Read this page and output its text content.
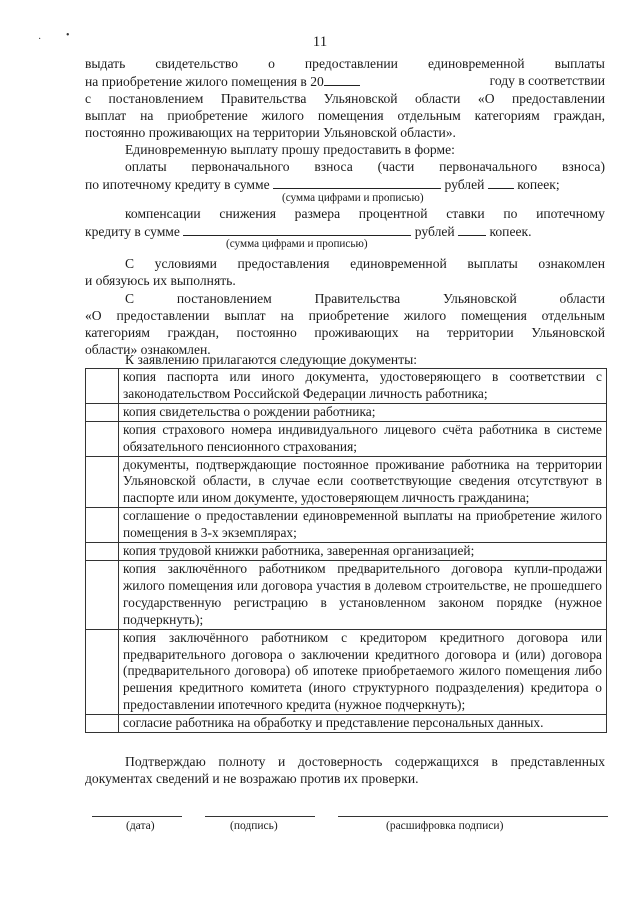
· •	11
выдать свидетельство о предоставлении единовременной выплаты
на приобретение жилого помещения в 20	году в соответствии
с постановлением Правительства Ульяновской области «О предоставлении
выплат на приобретение жилого помещения отдельным категориям граждан,
постоянно проживающих на территории Ульяновской области».
Единовременную выплату прошу предоставить в форме:
оплаты первоначального взноса (части первоначального взноса)
по ипотечному кредиту в сумме	рублей копеек;
(сумма цифрами и прописью)
компенсации снижения размера процентной ставки по ипотечному
кредиту в сумме	рублей	копеек.
(сумма цифрами и прописью)
С условиями предоставления единовременной выплаты ознакомлен
и обязуюсь их выполнять.
С	постановлением	Правительства	Ульяновской	области
«О предоставлении выплат на приобретение жилого помещения отдельным
категориям граждан, постоянно проживающих на территории Ульяновской
области» ознакомлен.
К заявлению прилагаются следующие документы:
	копия паспорта или иного документа, удостоверяющего в соответствии с законодательством Российской Федерации личность работника;
	копия свидетельства о рождении работника;
	копия страхового номера индивидуального лицевого счёта работника в системе обязательного пенсионного страхования;
	документы, подтверждающие постоянное проживание работника на территории Ульяновской области, в случае если соответствующие сведения отсутствуют в паспорте или ином документе, удостоверяющем личность гражданина;
	соглашение о предоставлении единовременной выплаты на приобретение жилого помещения в 3-х экземплярах;
	копия трудовой книжки работника, заверенная организацией;
	копия заключённого работником предварительного договора купли-продажи жилого помещения или договора участия в долевом строительстве, не прошедшего государственную регистрацию в установленном законом порядке (нужное подчеркнуть);
	копия заключённого работником с кредитором кредитного договора или предварительного договора о заключении кредитного договора и (или) договора (предварительного договора) об ипотеке приобретаемого жилого помещения либо решения кредитного комитета (иного структурного подразделения) кредитора о предоставлении ипотечного кредита (нужное подчеркнуть);
	согласие работника на обработку и представление персональных данных.
Подтверждаю полноту и достоверность содержащихся в представленных
документах сведений и не возражаю против их проверки.
(дата)	(подпись)	(расшифровка подписи)
